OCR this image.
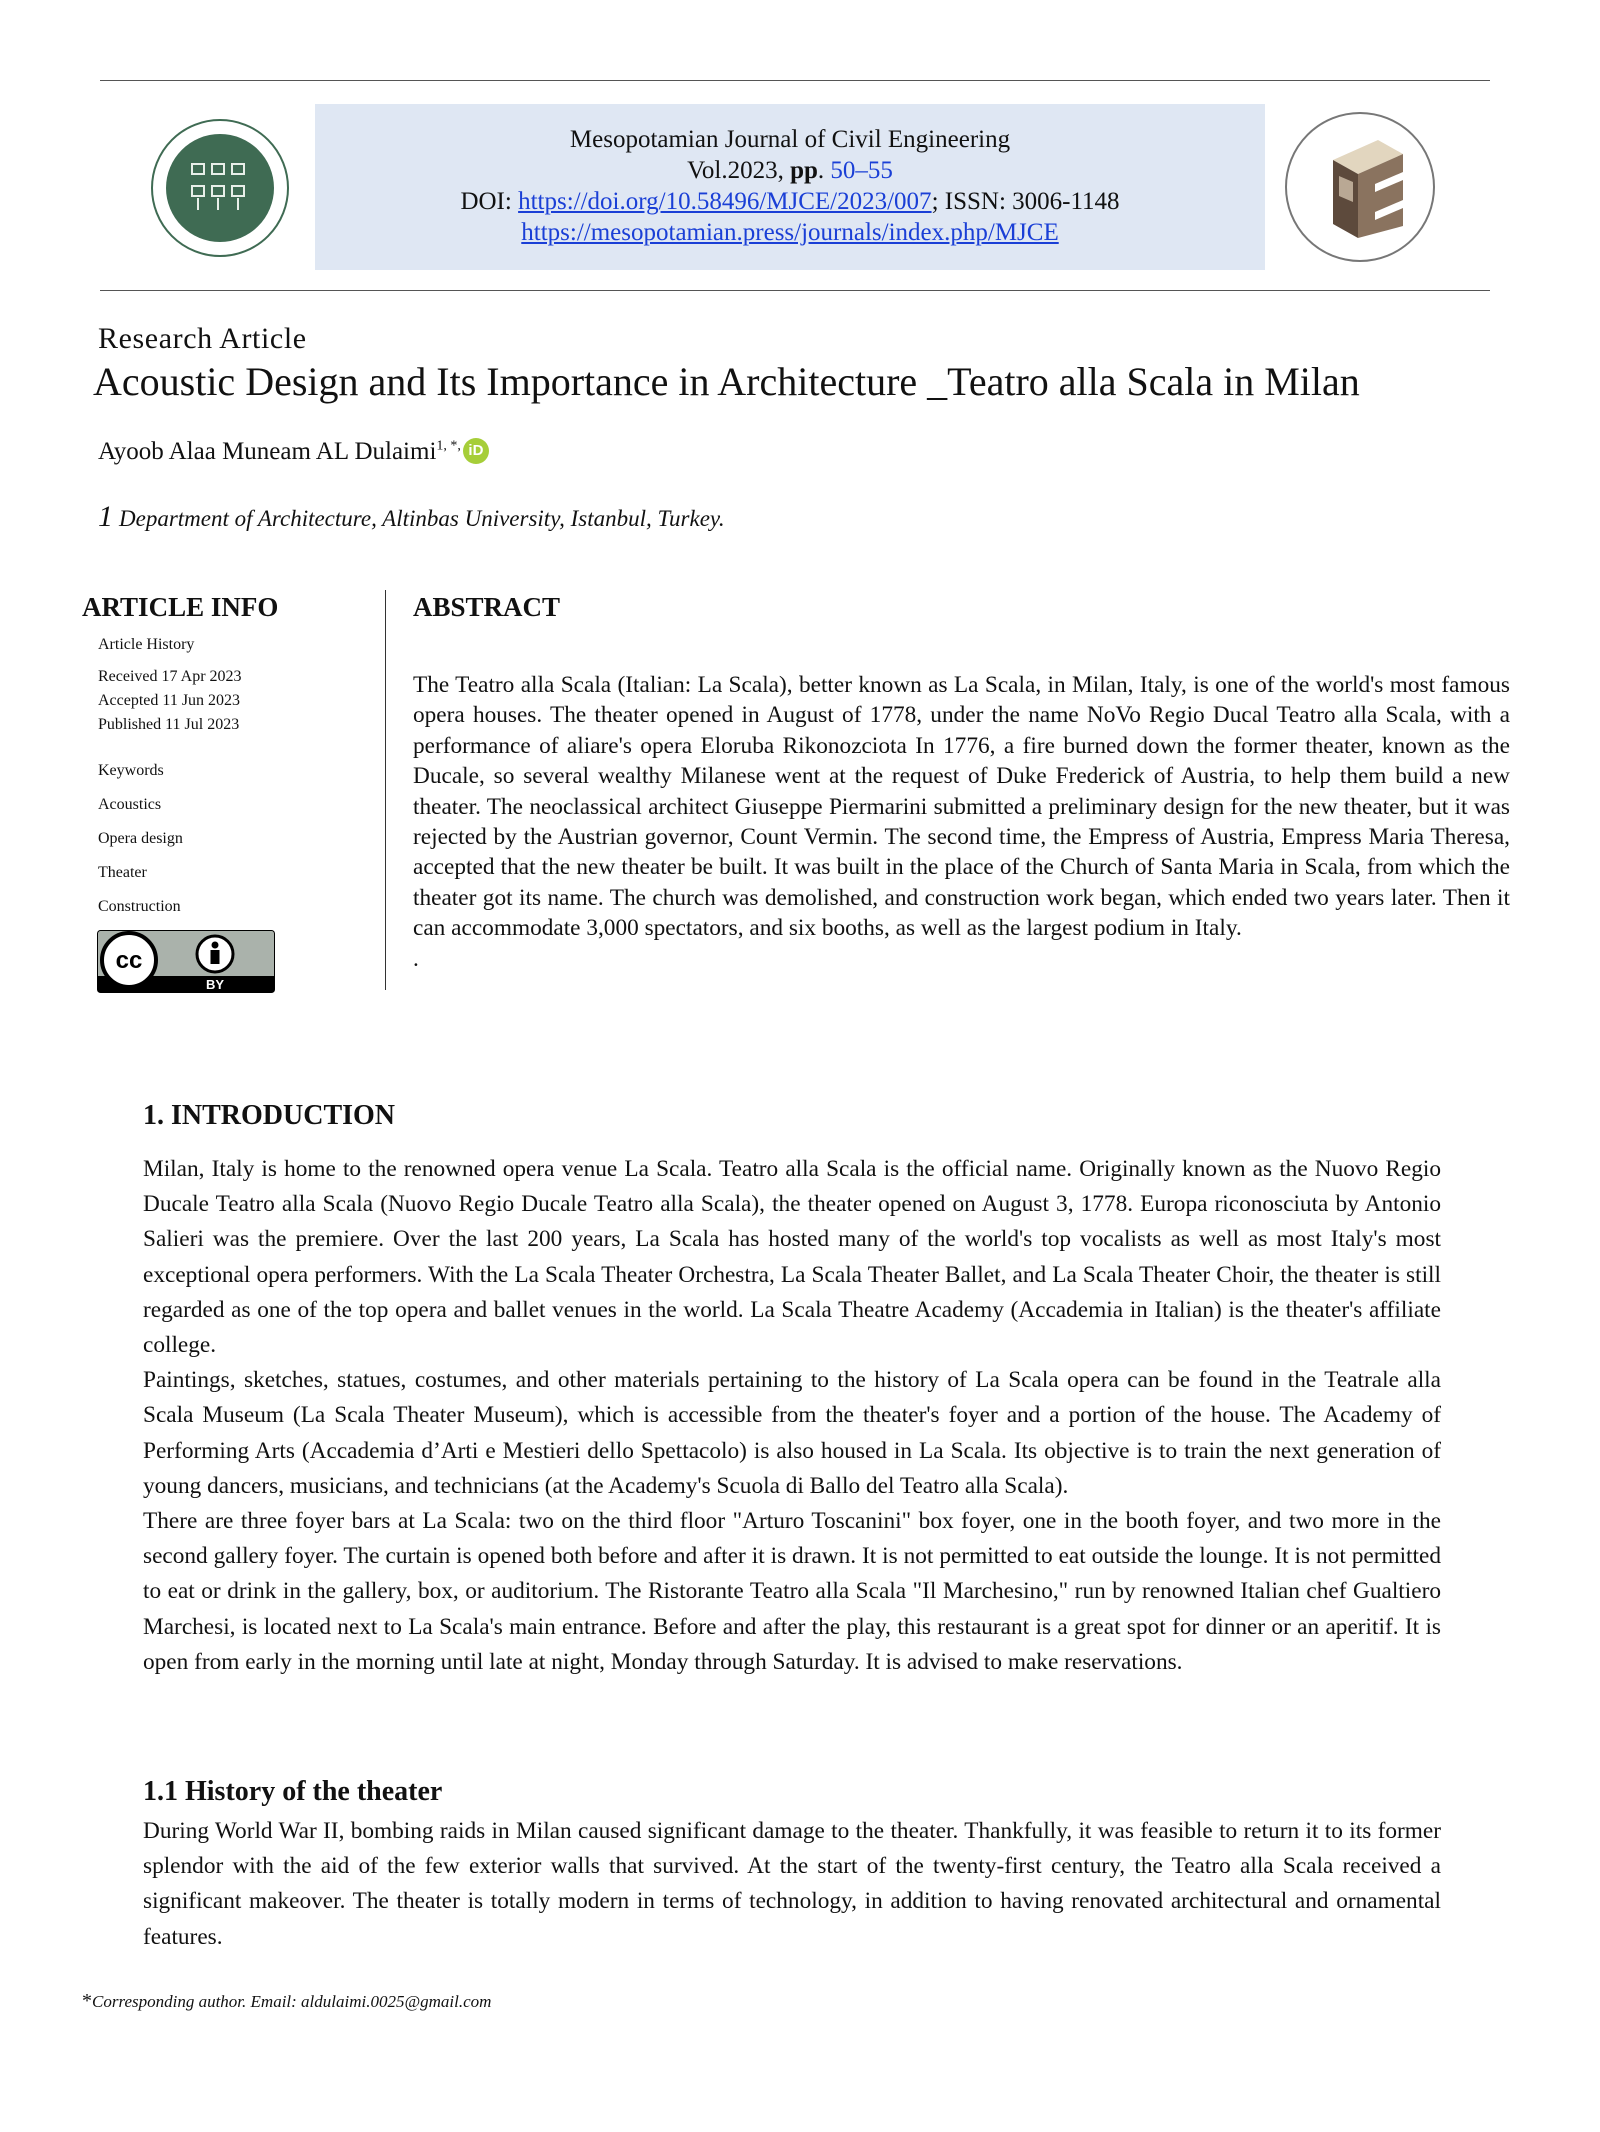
Mesopotamian Journal of Civil Engineering
Vol.2023, pp. 50–55
DOI: https://doi.org/10.58496/MJCE/2023/007; ISSN: 3006-1148
https://mesopotamian.press/journals/index.php/MJCE
Research Article
Acoustic Design and Its Importance in Architecture _Teatro alla Scala in Milan
Ayoob Alaa Muneam AL Dulaimi$^{1, *,}$ iD
1 Department of Architecture, Altinbas University, Istanbul, Turkey.
ARTICLE INFO
Article History
Received 17 Apr 2023
Accepted 11 Jun 2023
Published 11 Jul 2023
Keywords
Acoustics
Opera design
Theater
Construction
cc
BY
ABSTRACT
The Teatro alla Scala (Italian: La Scala), better known as La Scala, in Milan, Italy, is one of the world's most famous opera houses. The theater opened in August of 1778, under the name NoVo Regio Ducal Teatro alla Scala, with a performance of aliare's opera Eloruba Rikonozciota In 1776, a fire burned down the former theater, known as the Ducale, so several wealthy Milanese went at the request of Duke Frederick of Austria, to help them build a new theater. The neoclassical architect Giuseppe Piermarini submitted a preliminary design for the new theater, but it was rejected by the Austrian governor, Count Vermin. The second time, the Empress of Austria, Empress Maria Theresa, accepted that the new theater be built. It was built in the place of the Church of Santa Maria in Scala, from which the theater got its name. The church was demolished, and construction work began, which ended two years later. Then it can accommodate 3,000 spectators, and six booths, as well as the largest podium in Italy.
.
1. INTRODUCTION

Milan, Italy is home to the renowned opera venue La Scala. Teatro alla Scala is the official name. Originally known as the Nuovo Regio Ducale Teatro alla Scala (Nuovo Regio Ducale Teatro alla Scala), the theater opened on August 3, 1778. Europa riconosciuta by Antonio Salieri was the premiere. Over the last 200 years, La Scala has hosted many of the world's top vocalists as well as most Italy's most exceptional opera performers. With the La Scala Theater Orchestra, La Scala Theater Ballet, and La Scala Theater Choir, the theater is still regarded as one of the top opera and ballet venues in the world. La Scala Theatre Academy (Accademia in Italian) is the theater's affiliate college.

Paintings, sketches, statues, costumes, and other materials pertaining to the history of La Scala opera can be found in the Teatrale alla Scala Museum (La Scala Theater Museum), which is accessible from the theater's foyer and a portion of the house. The Academy of Performing Arts (Accademia d’Arti e Mestieri dello Spettacolo) is also housed in La Scala. Its objective is to train the next generation of young dancers, musicians, and technicians (at the Academy's Scuola di Ballo del Teatro alla Scala).

There are three foyer bars at La Scala: two on the third floor "Arturo Toscanini" box foyer, one in the booth foyer, and two more in the second gallery foyer. The curtain is opened both before and after it is drawn. It is not permitted to eat outside the lounge. It is not permitted to eat or drink in the gallery, box, or auditorium. The Ristorante Teatro alla Scala "Il Marchesino," run by renowned Italian chef Gualtiero Marchesi, is located next to La Scala's main entrance. Before and after the play, this restaurant is a great spot for dinner or an aperitif. It is open from early in the morning until late at night, Monday through Saturday. It is advised to make reservations.

1.1 History of the theater

During World War II, bombing raids in Milan caused significant damage to the theater. Thankfully, it was feasible to return it to its former splendor with the aid of the few exterior walls that survived. At the start of the twenty-first century, the Teatro alla Scala received a significant makeover. The theater is totally modern in terms of technology, in addition to having renovated architectural and ornamental features.

*Corresponding author. Email: aldulaimi.0025@gmail.com
